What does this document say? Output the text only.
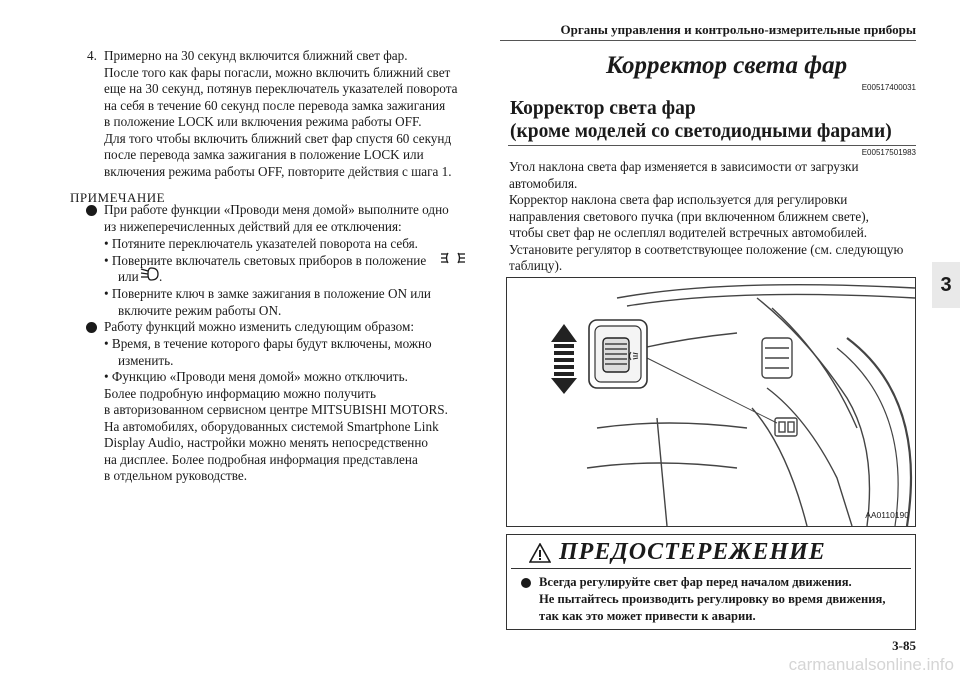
Органы управления и контрольно-измерительные приборы
3
4. Примерно на 30 секунд включится ближний свет фар.
После того как фары погасли, можно включить ближний свет
еще на 30 секунд, потянув переключатель указателей поворота
на себя в течение 60 секунд после перевода замка зажигания
в положение LOCK или включения режима работы OFF.
Для того чтобы включить ближний свет фар спустя 60 секунд
после перевода замка зажигания в положение LOCK или
включения режима работы OFF, повторите действия с шага 1.
ПРИМЕЧАНИЕ
При работе функции «Проводи меня домой» выполните одно
из нижеперечисленных действий для ее отключения:
• Потяните переключатель указателей поворота на себя.
• Поверните включатель световых приборов в положение
или .
• Поверните ключ в замке зажигания в положение ON или
включите режим работы ON.
Работу функций можно изменить следующим образом:
• Время, в течение которого фары будут включены, можно
изменить.
• Функцию «Проводи меня домой» можно отключить.
Более подробную информацию можно получить
в авторизованном сервисном центре MITSUBISHI MOTORS.
На автомобилях, оборудованных системой Smartphone Link
Display Audio, настройки можно менять непосредственно
на дисплее. Более подробная информация представлена
в отдельном руководстве.
Корректор света фар
E00517400031
Корректор света фар
(кроме моделей со светодиодными фарами)
E00517501983
Угол наклона света фар изменяется в зависимости от загрузки
автомобиля.
Корректор наклона света фар используется для регулировки
направления светового пучка (при включенном ближнем свете),
чтобы свет фар не ослеплял водителей встречных автомобилей.
Установите регулятор в соответствующее положение (см. следующую
таблицу).
AA0110190
ПРЕДОСТЕРЕЖЕНИЕ
Всегда регулируйте свет фар перед началом движения.
Не пытайтесь производить регулировку во время движения,
так как это может привести к аварии.
3-85
carmanualsonline.info
